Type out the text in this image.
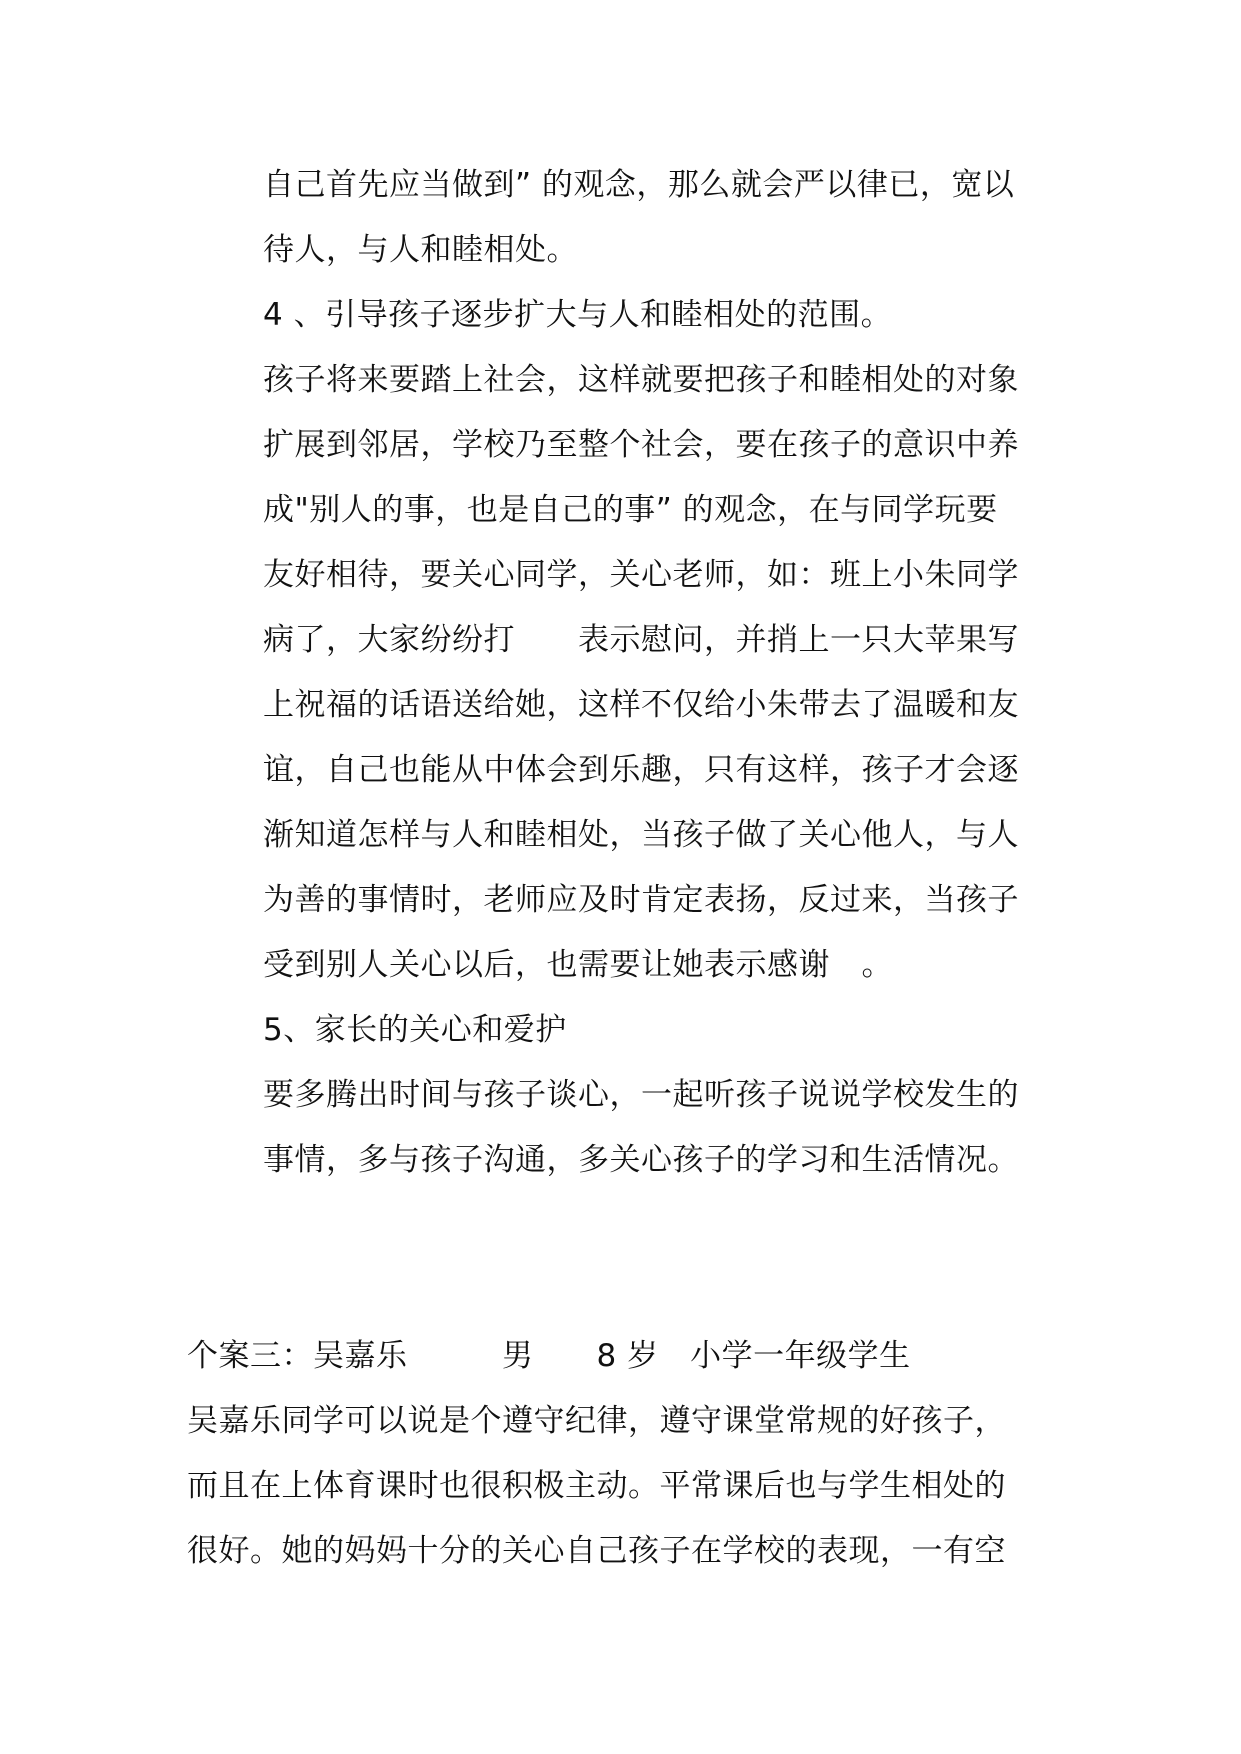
自己首先应当做到” 的观念，那么就会严以律已，宽以
待人，与人和睦相处。
4 、引导孩子逐步扩大与人和睦相处的范围。
孩子将来要踏上社会，这样就要把孩子和睦相处的对象
扩展到邻居，学校乃至整个社会，要在孩子的意识中养
成"别人的事，也是自己的事” 的观念，在与同学玩要
友好相待，要关心同学，关心老师，如：班上小朱同学
病了，大家纷纷打　　表示慰问，并捎上一只大苹果写
上祝福的话语送给她，这样不仅给小朱带去了温暖和友
谊，自己也能从中体会到乐趣，只有这样，孩子才会逐
渐知道怎样与人和睦相处，当孩子做了关心他人，与人
为善的事情时，老师应及时肯定表扬，反过来，当孩子
受到别人关心以后，也需要让她表示感谢　。
5、家长的关心和爱护
要多腾出时间与孩子谈心，一起听孩子说说学校发生的
事情，多与孩子沟通，多关心孩子的学习和生活情况。
个案三：吴嘉乐　　　男　　8 岁　小学一年级学生
吴嘉乐同学可以说是个遵守纪律，遵守课堂常规的好孩子，
而且在上体育课时也很积极主动。平常课后也与学生相处的
很好。她的妈妈十分的关心自己孩子在学校的表现，一有空
